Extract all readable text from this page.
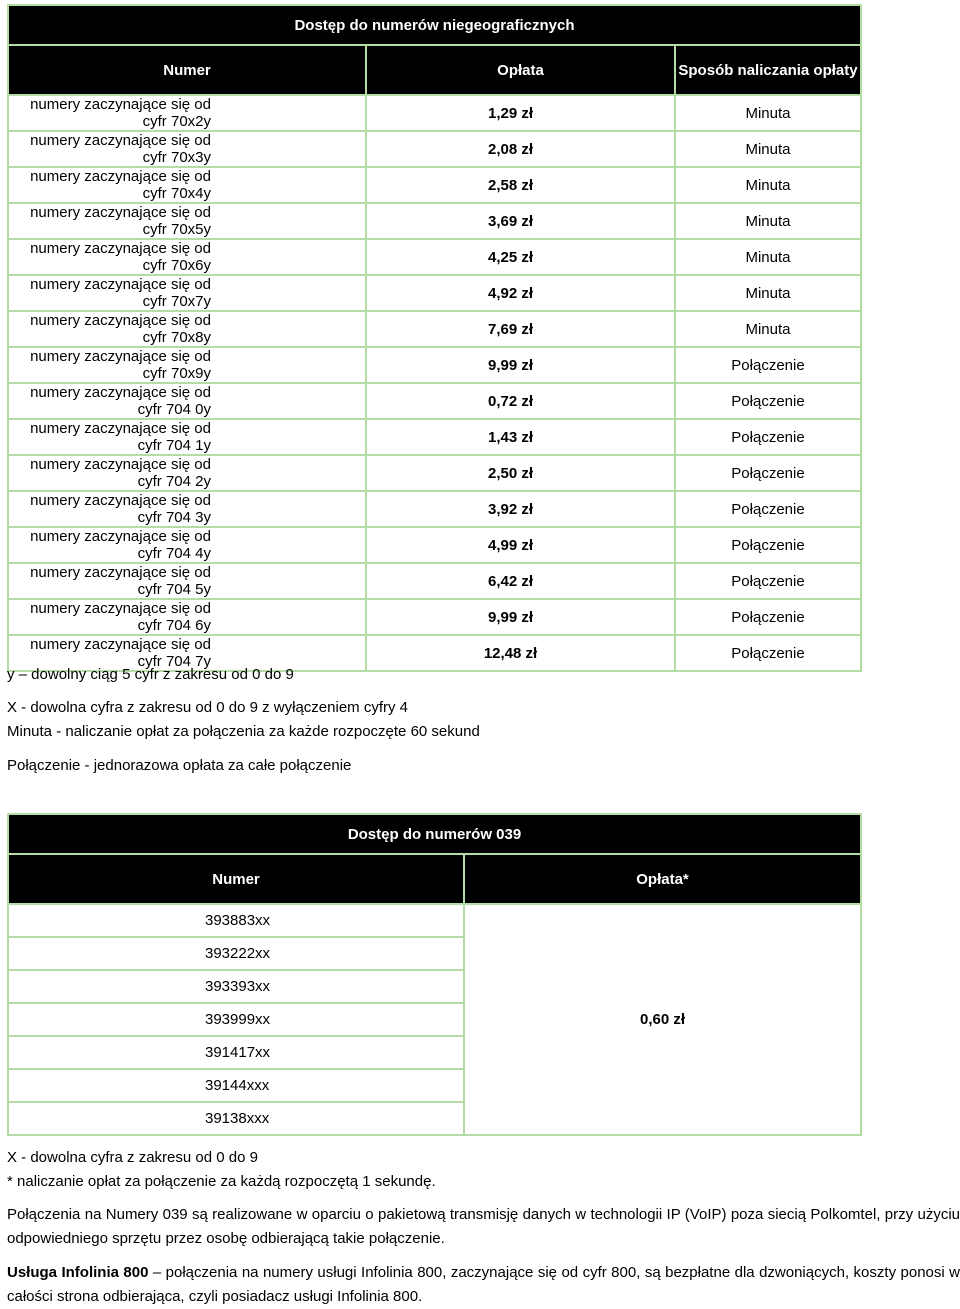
Dostęp do numerów niegeograficznych		
Numer	Opłata	Sposób naliczania opłaty
numery zaczynające się od cyfr 70x2y	1,29 zł	Minuta
numery zaczynające się od cyfr 70x3y	2,08 zł	Minuta
numery zaczynające się od cyfr 70x4y	2,58 zł	Minuta
numery zaczynające się od cyfr 70x5y	3,69 zł	Minuta
numery zaczynające się od cyfr 70x6y	4,25 zł	Minuta
numery zaczynające się od cyfr 70x7y	4,92 zł	Minuta
numery zaczynające się od cyfr 70x8y	7,69 zł	Minuta
numery zaczynające się od cyfr 70x9y	9,99 zł	Połączenie
numery zaczynające się od cyfr 704 0y	0,72 zł	Połączenie
numery zaczynające się od cyfr 704 1y	1,43 zł	Połączenie
numery zaczynające się od cyfr 704 2y	2,50 zł	Połączenie
numery zaczynające się od cyfr 704 3y	3,92 zł	Połączenie
numery zaczynające się od cyfr 704 4y	4,99 zł	Połączenie
numery zaczynające się od cyfr 704 5y	6,42 zł	Połączenie
numery zaczynające się od cyfr 704 6y	9,99 zł	Połączenie
numery zaczynające się od cyfr 704 7y	12,48 zł	Połączenie
y – dowolny ciąg 5 cyfr z zakresu od 0 do 9
X - dowolna cyfra z zakresu od 0 do 9 z wyłączeniem cyfry 4
Minuta - naliczanie opłat za połączenia za każde rozpoczęte 60 sekund
Połączenie - jednorazowa opłata za całe połączenie
Dostęp do numerów 039	
Numer	Opłata*
393883xx	0,60 zł
393222xx	
393393xx	
393999xx	
391417xx	
39144xxx	
39138xxx	
X - dowolna cyfra z zakresu od 0 do 9
* naliczanie opłat za połączenie za każdą rozpoczętą 1 sekundę.
Połączenia na Numery 039 są realizowane w oparciu o pakietową transmisję danych w technologii IP (VoIP) poza siecią Polkomtel, przy użyciu odpowiedniego sprzętu przez osobę odbierającą takie połączenie.
Usługa Infolinia 800 – połączenia na numery usługi Infolinia 800, zaczynające się od cyfr 800, są bezpłatne dla dzwoniących, koszty ponosi w całości strona odbierająca, czyli posiadacz usługi Infolinia 800.
